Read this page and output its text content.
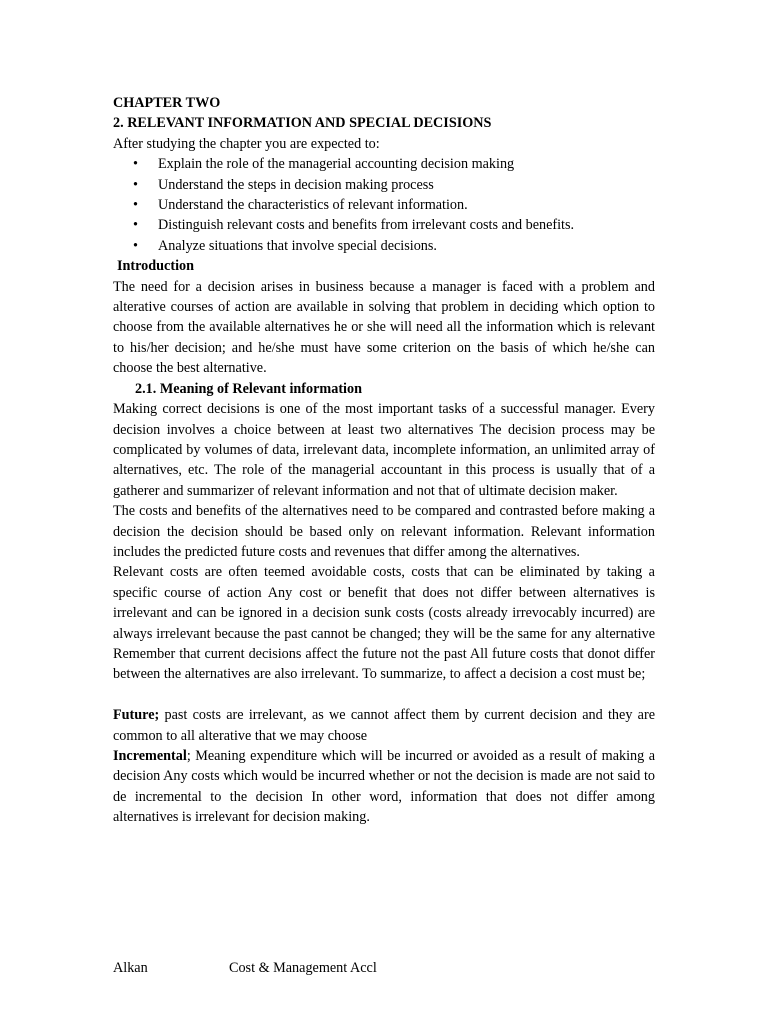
CHAPTER TWO

2. RELEVANT INFORMATION AND SPECIAL DECISIONS

After studying the chapter you are expected to:

• Explain the role of the managerial accounting decision making
• Understand the steps in decision making process
• Understand the characteristics of relevant information.
• Distinguish relevant costs and benefits from irrelevant costs and benefits.
• Analyze situations that involve special decisions.

Introduction

The need for a decision arises in business because a manager is faced with a problem and alterative courses of action are available in solving that problem in deciding which option to choose from the available alternatives he or she will need all the information which is relevant to his/her decision; and he/she must have some criterion on the basis of which he/she can choose the best alternative.

2.1. Meaning of Relevant information

Making correct decisions is one of the most important tasks of a successful manager. Every decision involves a choice between at least two alternatives The decision process may be complicated by volumes of data, irrelevant data, incomplete information, an unlimited array of alternatives, etc. The role of the managerial accountant in this process is usually that of a gatherer and summarizer of relevant information and not that of ultimate decision maker.

The costs and benefits of the alternatives need to be compared and contrasted before making a decision the decision should be based only on relevant information. Relevant information includes the predicted future costs and revenues that differ among the alternatives.

Relevant costs are often teemed avoidable costs, costs that can be eliminated by taking a specific course of action Any cost or benefit that does not differ between alternatives is irrelevant and can be ignored in a decision sunk costs (costs already irrevocably incurred) are always irrelevant because the past cannot be changed; they will be the same for any alternative Remember that current decisions affect the future not the past All future costs that donot differ between the alternatives are also irrelevant. To summarize, to affect a decision a cost must be;

Future; past costs are irrelevant, as we cannot affect them by current decision and they are common to all alterative that we may choose

Incremental; Meaning expenditure which will be incurred or avoided as a result of making a decision Any costs which would be incurred whether or not the decision is made are not said to de incremental to the decision In other word, information that does not differ among alternatives is irrelevant for decision making.

Alkan	Cost & Management Accl
